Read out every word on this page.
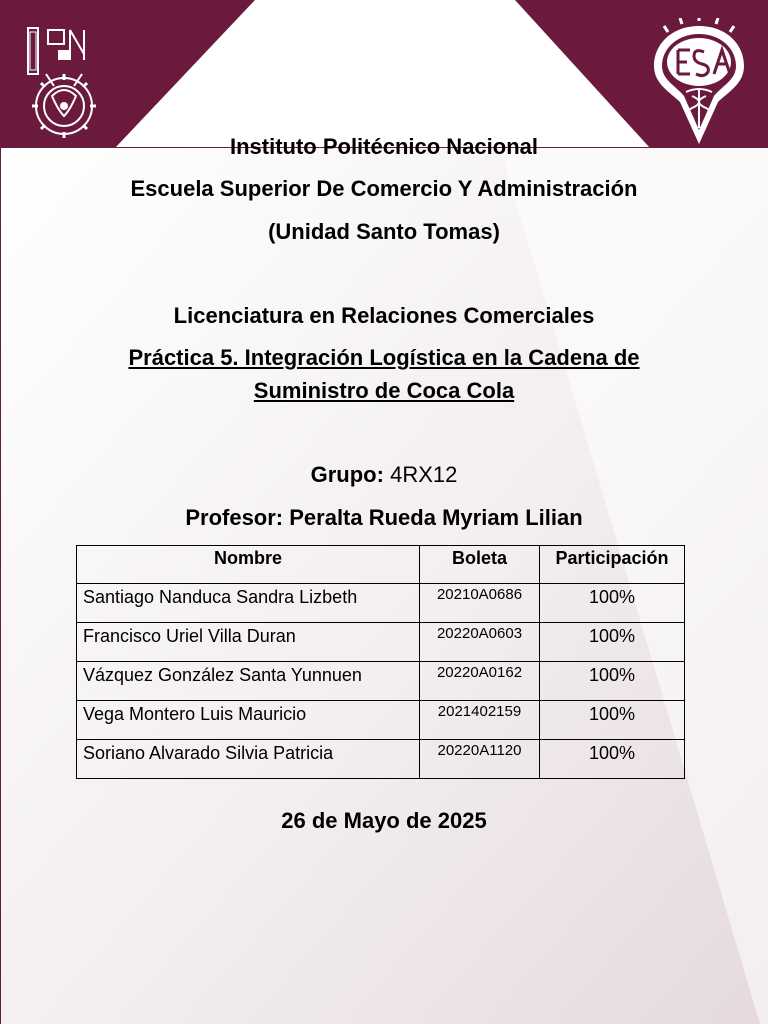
Instituto Politécnico Nacional
Escuela Superior De Comercio Y Administración
(Unidad Santo Tomas)
Licenciatura en Relaciones Comerciales
Práctica 5. Integración Logística en la Cadena de
Suministro de Coca Cola
Grupo: 4RX12
Profesor: Peralta Rueda Myriam Lilian
Nombre	Boleta	Participación
Santiago Nanduca Sandra Lizbeth	20210A0686	100%
Francisco Uriel Villa Duran	20220A0603	100%
Vázquez González Santa Yunnuen	20220A0162	100%
Vega Montero Luis Mauricio	2021402159	100%
Soriano Alvarado Silvia Patricia	20220A1120	100%
26 de Mayo de 2025
